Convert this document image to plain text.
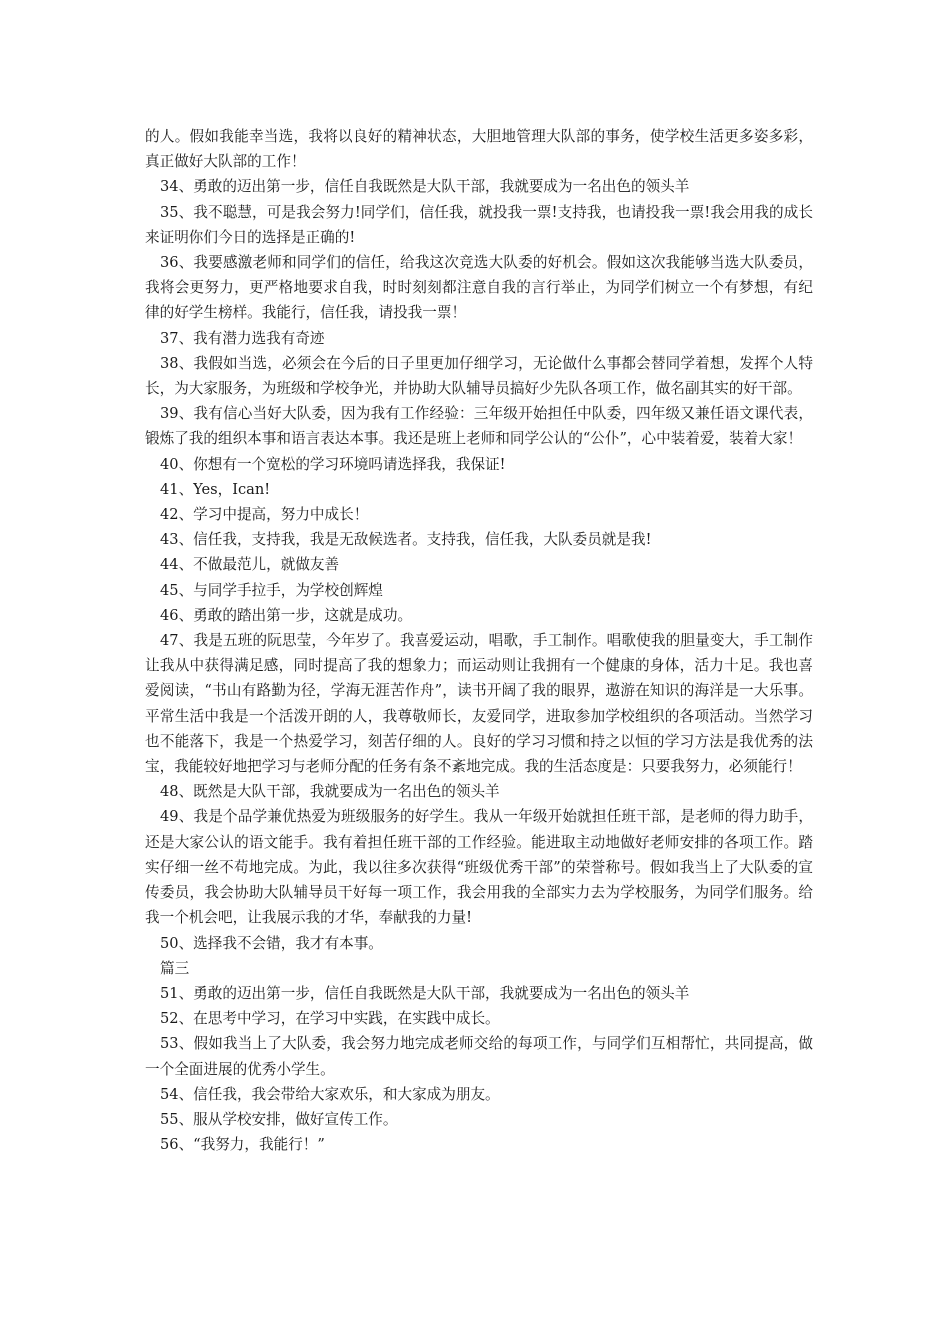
的人。假如我能幸当选，我将以良好的精神状态，大胆地管理大队部的事务，使学校生活更多姿多彩，真正做好大队部的工作！

34、勇敢的迈出第一步，信任自我既然是大队干部，我就要成为一名出色的领头羊

35、我不聪慧，可是我会努力!同学们，信任我，就投我一票!支持我，也请投我一票!我会用我的成长来证明你们今日的选择是正确的!

36、我要感激老师和同学们的信任，给我这次竞选大队委的好机会。假如这次我能够当选大队委员，我将会更努力，更严格地要求自我，时时刻刻都注意自我的言行举止，为同学们树立一个有梦想，有纪律的好学生榜样。我能行，信任我，请投我一票！

37、我有潜力选我有奇迹

38、我假如当选，必须会在今后的日子里更加仔细学习，无论做什么事都会替同学着想，发挥个人特长，为大家服务，为班级和学校争光，并协助大队辅导员搞好少先队各项工作，做名副其实的好干部。

39、我有信心当好大队委，因为我有工作经验：三年级开始担任中队委，四年级又兼任语文课代表，锻炼了我的组织本事和语言表达本事。我还是班上老师和同学公认的“公仆”，心中装着爱，装着大家！

40、你想有一个宽松的学习环境吗请选择我，我保证!

41、Yes，Ican!

42、学习中提高，努力中成长！

43、信任我，支持我，我是无敌候选者。支持我，信任我，大队委员就是我!

44、不做最范儿，就做友善

45、与同学手拉手，为学校创辉煌

46、勇敢的踏出第一步，这就是成功。

47、我是五班的阮思莹，今年岁了。我喜爱运动，唱歌，手工制作。唱歌使我的胆量变大，手工制作让我从中获得满足感，同时提高了我的想象力；而运动则让我拥有一个健康的身体，活力十足。我也喜爱阅读，“书山有路勤为径，学海无涯苦作舟”，读书开阔了我的眼界，遨游在知识的海洋是一大乐事。平常生活中我是一个活泼开朗的人，我尊敬师长，友爱同学，进取参加学校组织的各项活动。当然学习也不能落下，我是一个热爱学习，刻苦仔细的人。良好的学习习惯和持之以恒的学习方法是我优秀的法宝，我能较好地把学习与老师分配的任务有条不紊地完成。我的生活态度是：只要我努力，必须能行！

48、既然是大队干部，我就要成为一名出色的领头羊

49、我是个品学兼优热爱为班级服务的好学生。我从一年级开始就担任班干部，是老师的得力助手，还是大家公认的语文能手。我有着担任班干部的工作经验。能进取主动地做好老师安排的各项工作。踏实仔细一丝不苟地完成。为此，我以往多次获得“班级优秀干部”的荣誉称号。假如我当上了大队委的宣传委员，我会协助大队辅导员干好每一项工作，我会用我的全部实力去为学校服务，为同学们服务。给我一个机会吧，让我展示我的才华，奉献我的力量!

50、选择我不会错，我才有本事。

篇三

51、勇敢的迈出第一步，信任自我既然是大队干部，我就要成为一名出色的领头羊

52、在思考中学习，在学习中实践，在实践中成长。

53、假如我当上了大队委，我会努力地完成老师交给的每项工作，与同学们互相帮忙，共同提高，做一个全面进展的优秀小学生。

54、信任我，我会带给大家欢乐，和大家成为朋友。

55、服从学校安排，做好宣传工作。

56、“我努力，我能行！”
